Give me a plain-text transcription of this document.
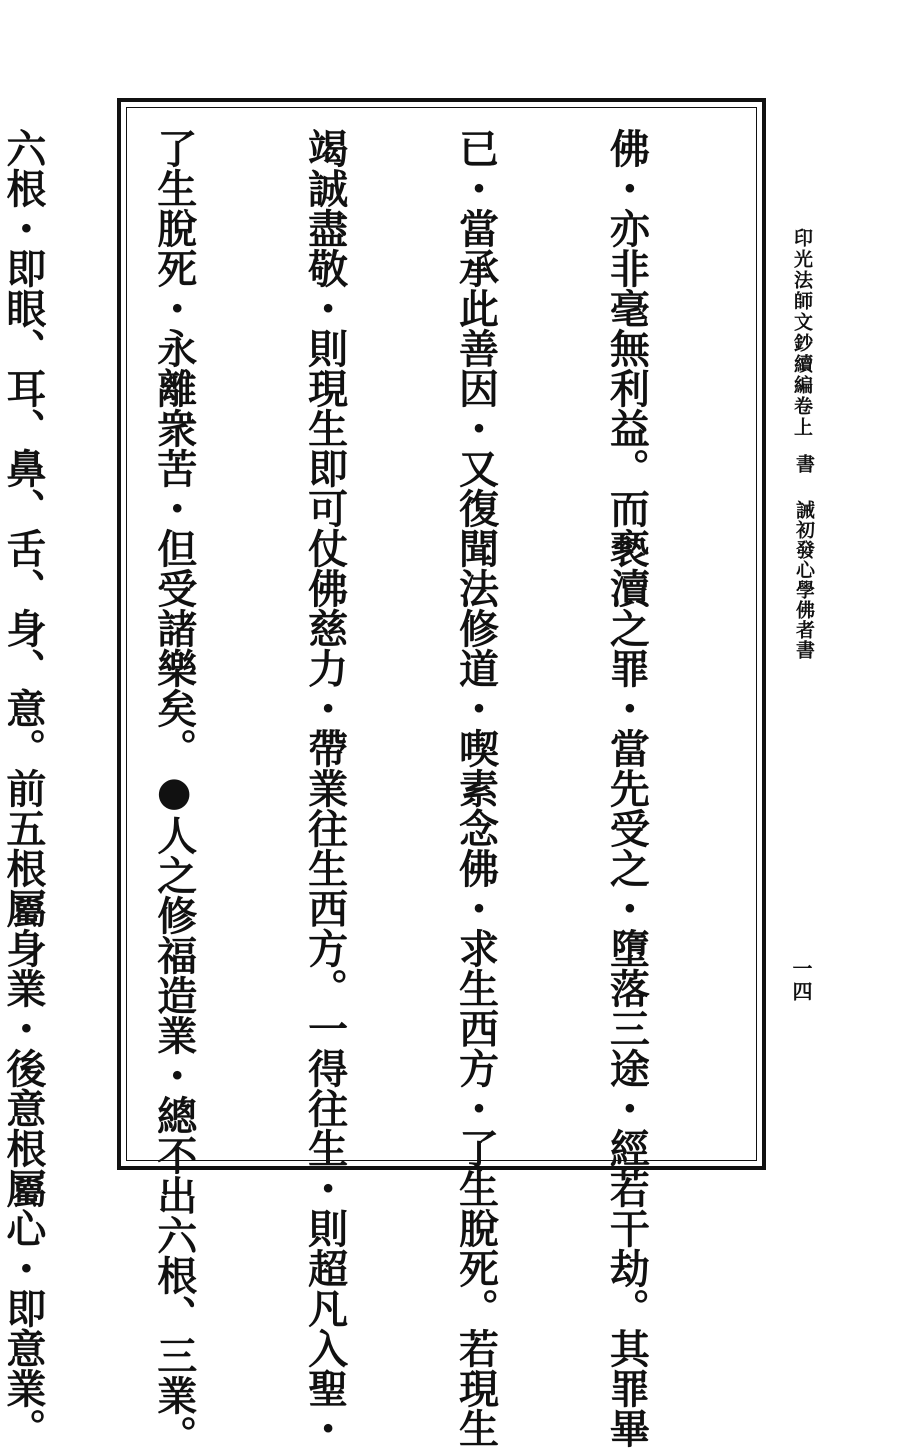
印光法師文鈔續編卷上
書
誡初發心學佛者書
一四

佛・亦非毫無利益。而褻瀆之罪・當先受之・墮落三途・經若干劫。其罪畢

已・當承此善因・又復聞法修道・喫素念佛・求生西方・了生脫死。若現生

竭誠盡敬・則現生即可仗佛慈力・帶業往生西方。一得往生・則超凡入聖・

了生脫死・永離衆苦・但受諸樂矣。●人之修福造業・總不出六根、三業。

六根・即眼、耳、鼻、舌、身、意。前五根屬身業・後意根屬心・即意業。
